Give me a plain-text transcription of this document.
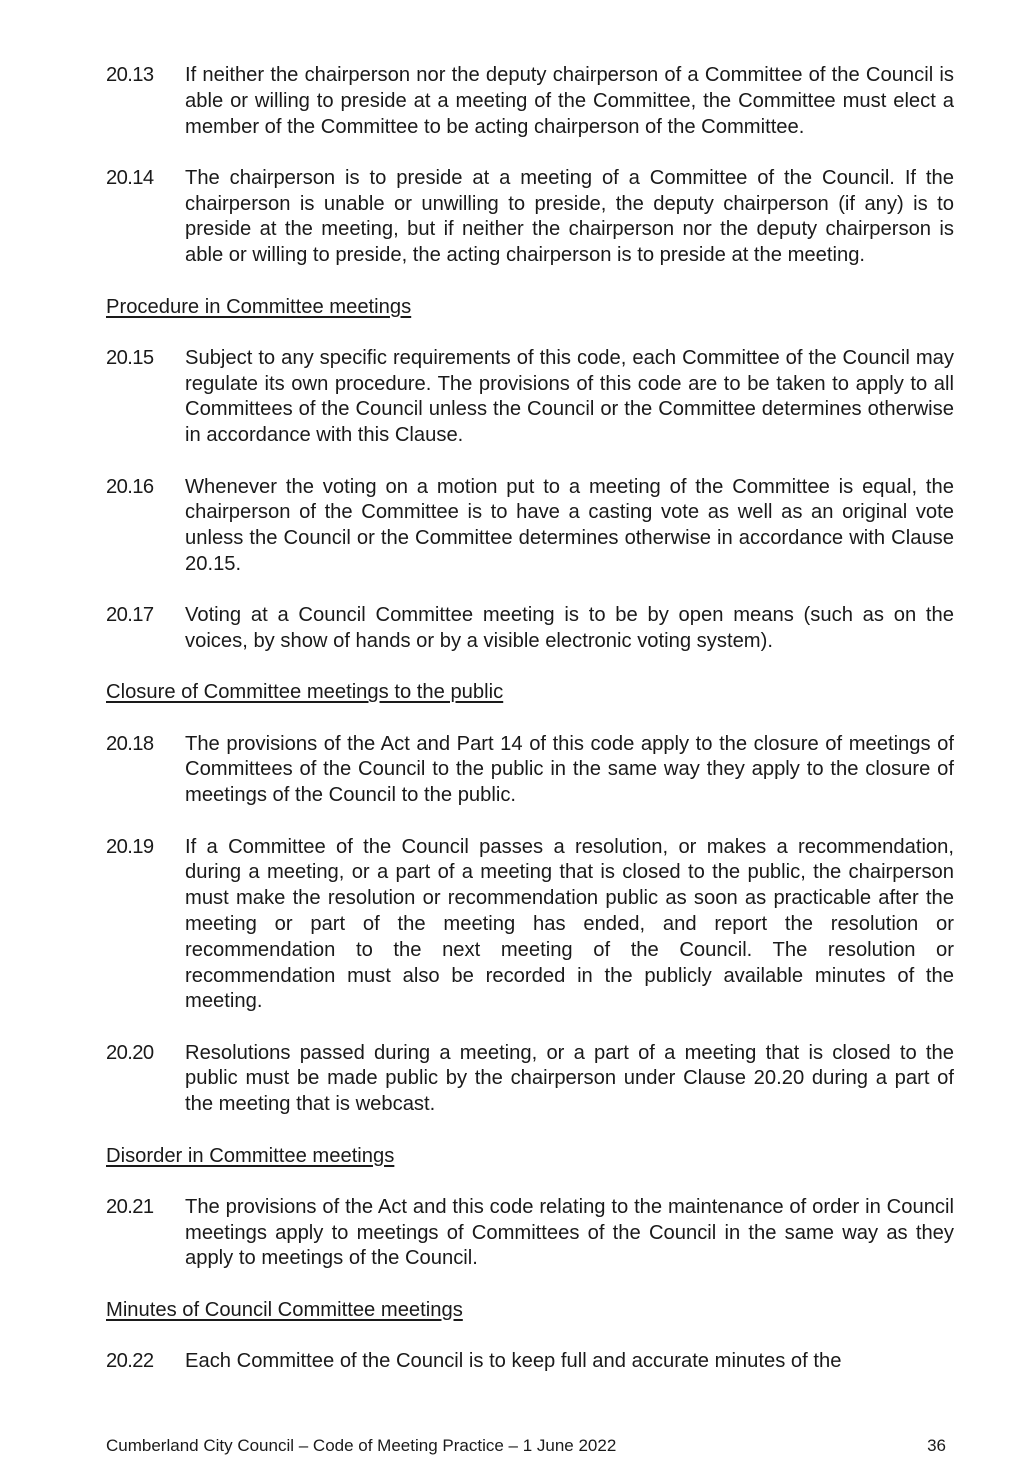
20.13	If neither the chairperson nor the deputy chairperson of a Committee of the Council is able or willing to preside at a meeting of the Committee, the Committee must elect a member of the Committee to be acting chairperson of the Committee.
20.14	The chairperson is to preside at a meeting of a Committee of the Council. If the chairperson is unable or unwilling to preside, the deputy chairperson (if any) is to preside at the meeting, but if neither the chairperson nor the deputy chairperson is able or willing to preside, the acting chairperson is to preside at the meeting.
Procedure in Committee meetings
20.15	Subject to any specific requirements of this code, each Committee of the Council may regulate its own procedure. The provisions of this code are to be taken to apply to all Committees of the Council unless the Council or the Committee determines otherwise in accordance with this Clause.
20.16	Whenever the voting on a motion put to a meeting of the Committee is equal, the chairperson of the Committee is to have a casting vote as well as an original vote unless the Council or the Committee determines otherwise in accordance with Clause 20.15.
20.17	Voting at a Council Committee meeting is to be by open means (such as on the voices, by show of hands or by a visible electronic voting system).
Closure of Committee meetings to the public
20.18	The provisions of the Act and Part 14 of this code apply to the closure of meetings of Committees of the Council to the public in the same way they apply to the closure of meetings of the Council to the public.
20.19	If a Committee of the Council passes a resolution, or makes a recommendation, during a meeting, or a part of a meeting that is closed to the public, the chairperson must make the resolution or recommendation public as soon as practicable after the meeting or part of the meeting has ended, and report the resolution or recommendation to the next meeting of the Council. The resolution or recommendation must also be recorded in the publicly available minutes of the meeting.
20.20	Resolutions passed during a meeting, or a part of a meeting that is closed to the public must be made public by the chairperson under Clause 20.20 during a part of the meeting that is webcast.
Disorder in Committee meetings
20.21	The provisions of the Act and this code relating to the maintenance of order in Council meetings apply to meetings of Committees of the Council in the same way as they apply to meetings of the Council.
Minutes of Council Committee meetings
20.22	Each Committee of the Council is to keep full and accurate minutes of the
Cumberland City Council – Code of Meeting Practice – 1 June 2022	36
